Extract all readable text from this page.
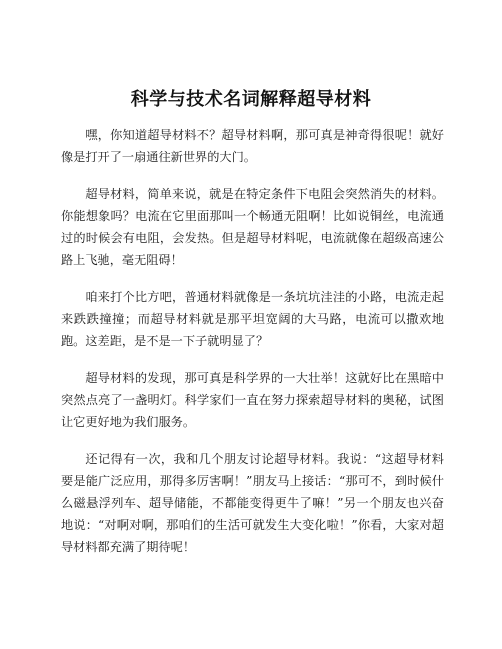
科学与技术名词解释超导材料

嘿，你知道超导材料不？超导材料啊，那可真是神奇得很呢！就好像是打开了一扇通往新世界的大门。

超导材料，简单来说，就是在特定条件下电阻会突然消失的材料。你能想象吗？电流在它里面那叫一个畅通无阻啊！比如说铜丝，电流通过的时候会有电阻，会发热。但是超导材料呢，电流就像在超级高速公路上飞驰，毫无阻碍！

咱来打个比方吧，普通材料就像是一条坑坑洼洼的小路，电流走起来跌跌撞撞；而超导材料就是那平坦宽阔的大马路，电流可以撒欢地跑。这差距，是不是一下子就明显了？

超导材料的发现，那可真是科学界的一大壮举！这就好比在黑暗中突然点亮了一盏明灯。科学家们一直在努力探索超导材料的奥秘，试图让它更好地为我们服务。

还记得有一次，我和几个朋友讨论超导材料。我说：“这超导材料要是能广泛应用，那得多厉害啊！”朋友马上接话：“那可不，到时候什么磁悬浮列车、超导储能，不都能变得更牛了嘛！”另一个朋友也兴奋地说：“对啊对啊，那咱们的生活可就发生大变化啦！”你看，大家对超导材料都充满了期待呢！
